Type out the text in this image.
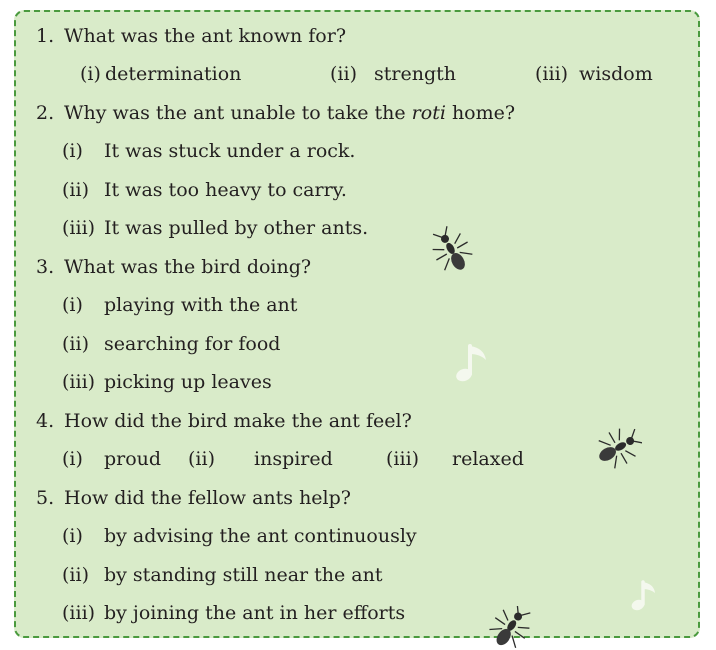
1. What was the ant known for?
(i) determination	(ii) strength	(iii) wisdom
2. Why was the ant unable to take the roti home?
(i) It was stuck under a rock.
(ii) It was too heavy to carry.
(iii) It was pulled by other ants.
3. What was the bird doing?
(i) playing with the ant
(ii) searching for food
(iii) picking up leaves
4. How did the bird make the ant feel?
(i) proud (ii) inspired	(iii) relaxed
5. How did the fellow ants help?
(i) by advising the ant continuously
(ii) by standing still near the ant
(iii) by joining the ant in her efforts
